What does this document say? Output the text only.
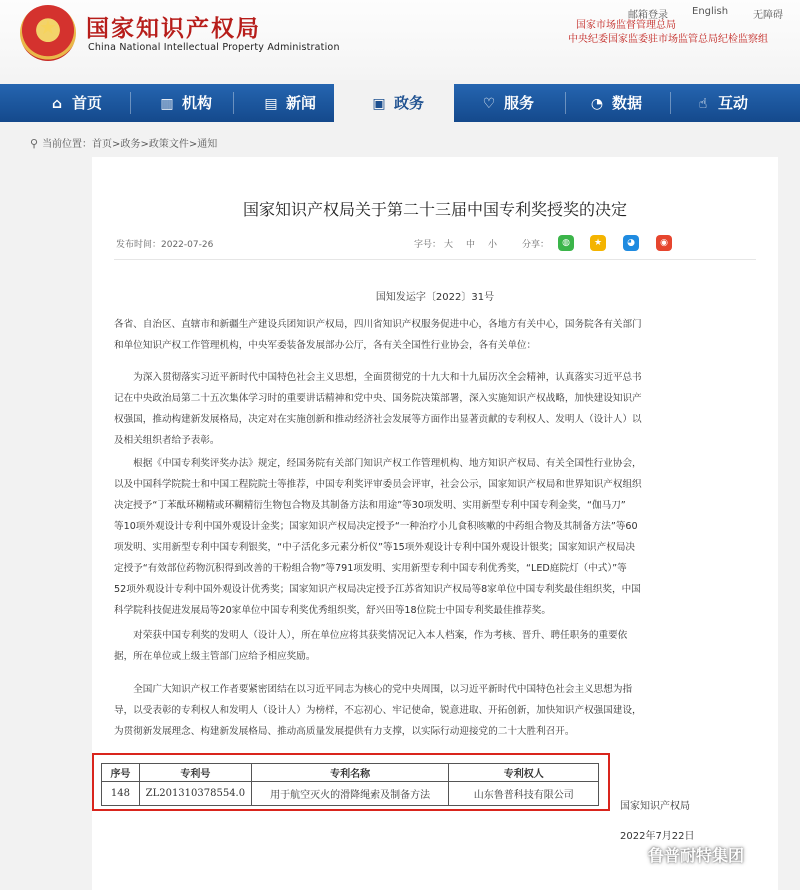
★	国家知识产权局
China National Intellectual Property Administration
邮箱登录 English 无障碍
国家市场监督管理总局
中央纪委国家监委驻市场监管总局纪检监察组
⌂ 首页	▥ 机构	▤ 新闻	▣ 政务	♡ 服务	◔ 数据	☝ 互动
⚲ 当前位置：首页>政务>政策文件>通知
国家知识产权局关于第二十三届中国专利奖授奖的决定
发布时间：2022-07-26	字号： 大 中 小	分享：	◍	★	◕	◉
国知发运字〔2022〕31号
各省、自治区、直辖市和新疆生产建设兵团知识产权局，四川省知识产权服务促进中心，各地方有关中心，国务院各有关部门
和单位知识产权工作管理机构，中央军委装备发展部办公厅，各有关全国性行业协会，各有关单位：
　　为深入贯彻落实习近平新时代中国特色社会主义思想，全面贯彻党的十九大和十九届历次全会精神，认真落实习近平总书
记在中央政治局第二十五次集体学习时的重要讲话精神和党中央、国务院决策部署，深入实施知识产权战略，加快建设知识产
权强国，推动构建新发展格局，决定对在实施创新和推动经济社会发展等方面作出显著贡献的专利权人、发明人（设计人）以
及相关组织者给予表彰。
　　根据《中国专利奖评奖办法》规定，经国务院有关部门知识产权工作管理机构、地方知识产权局、有关全国性行业协会，
以及中国科学院院士和中国工程院院士等推荐，中国专利奖评审委员会评审，社会公示，国家知识产权局和世界知识产权组织
决定授予“丁苯酞环糊精或环糊精衍生物包合物及其制备方法和用途”等30项发明、实用新型专利中国专利金奖，“伽马刀”
等10项外观设计专利中国外观设计金奖；国家知识产权局决定授予“一种治疗小儿食积咳嗽的中药组合物及其制备方法”等60
项发明、实用新型专利中国专利银奖，“中子活化多元素分析仪”等15项外观设计专利中国外观设计银奖；国家知识产权局决
定授予“有效部位药物沉积得到改善的干粉组合物”等791项发明、实用新型专利中国专利优秀奖，“LED庭院灯（中式）”等
52项外观设计专利中国外观设计优秀奖；国家知识产权局决定授予江苏省知识产权局等8家单位中国专利奖最佳组织奖，中国
科学院科技促进发展局等20家单位中国专利奖优秀组织奖，舒兴田等18位院士中国专利奖最佳推荐奖。
　　对荣获中国专利奖的发明人（设计人），所在单位应将其获奖情况记入本人档案，作为考核、晋升、聘任职务的重要依
据，所在单位或上级主管部门应给予相应奖励。
　　全国广大知识产权工作者要紧密团结在以习近平同志为核心的党中央周围，以习近平新时代中国特色社会主义思想为指
导，以受表彰的专利权人和发明人（设计人）为榜样，不忘初心、牢记使命，锐意进取、开拓创新，加快知识产权强国建设，
为贯彻新发展理念、构建新发展格局、推动高质量发展提供有力支撑，以实际行动迎接党的二十大胜利召开。
序号	专利号	专利名称	专利权人
148	ZL201310378554.0	用于航空灭火的滑降绳索及制备方法	山东鲁普科技有限公司
国家知识产权局
2022年7月22日
鲁普耐特集团
